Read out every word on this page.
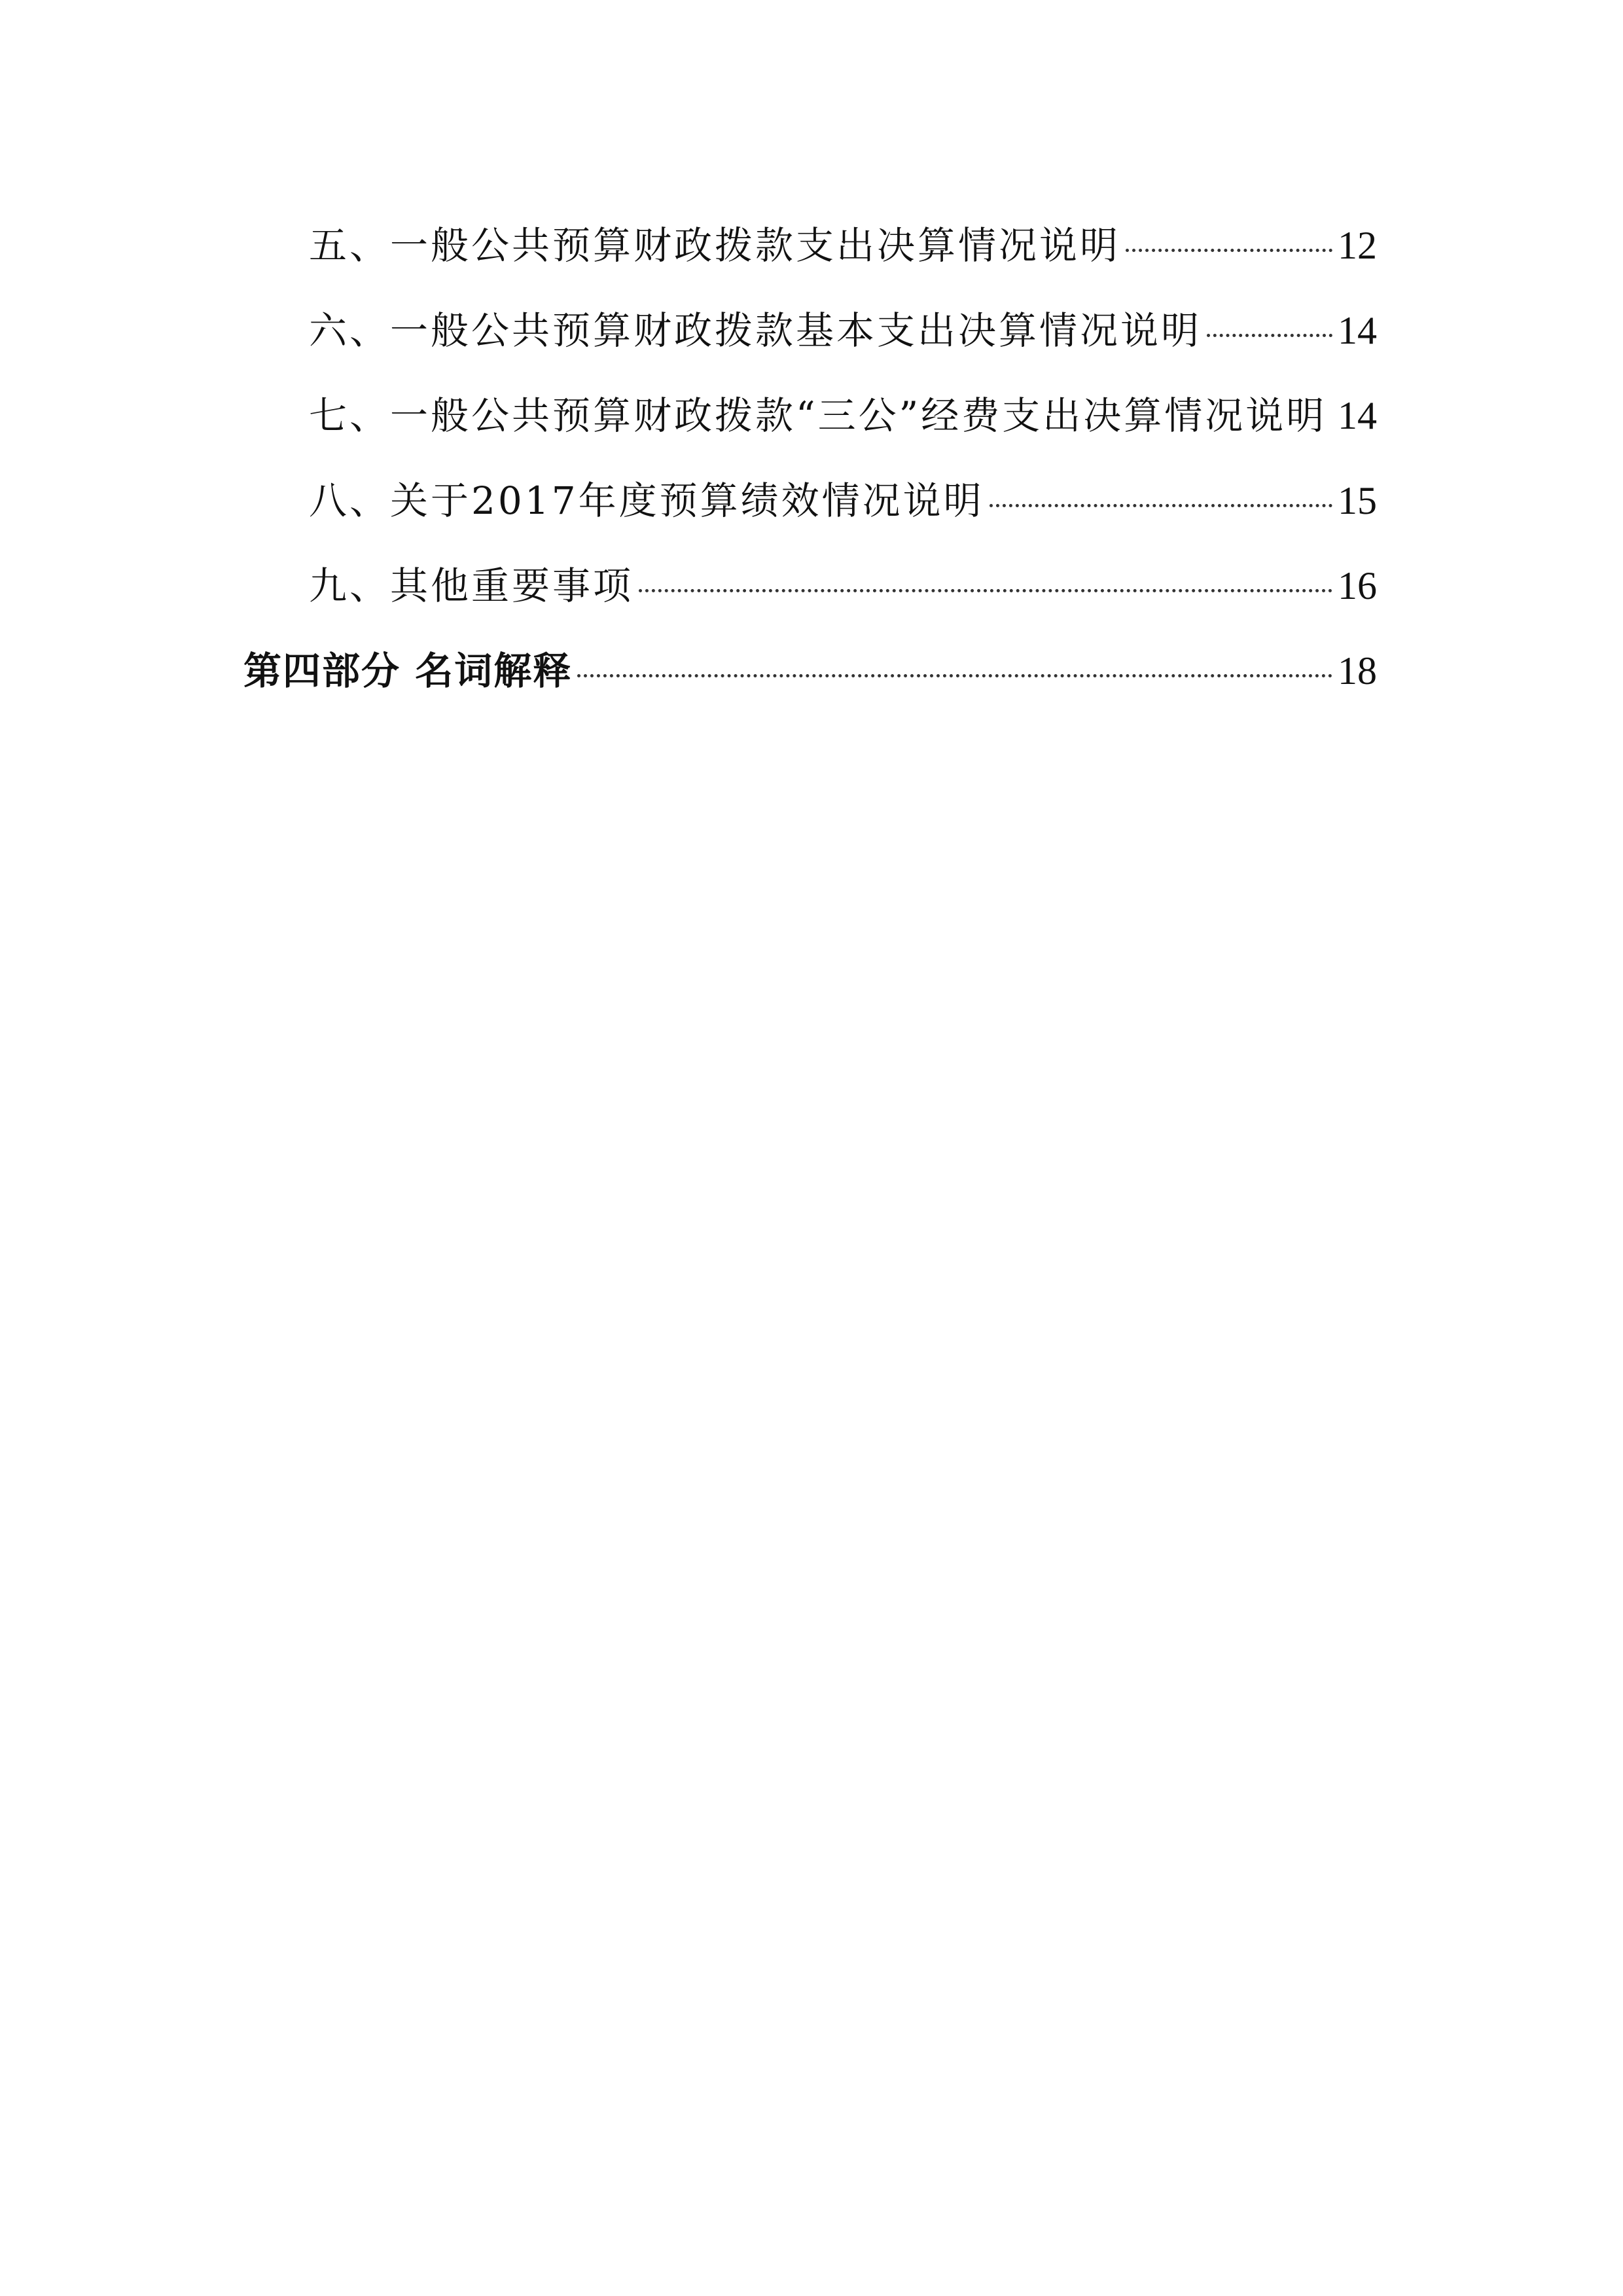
五、一般公共预算财政拨款支出决算情况说明	12
六、一般公共预算财政拨款基本支出决算情况说明	14
七、一般公共预算财政拨款“三公”经费支出决算情况说明 14
八、关于2017年度预算绩效情况说明	15
九、其他重要事项	16
第四部分 名词解释	18
